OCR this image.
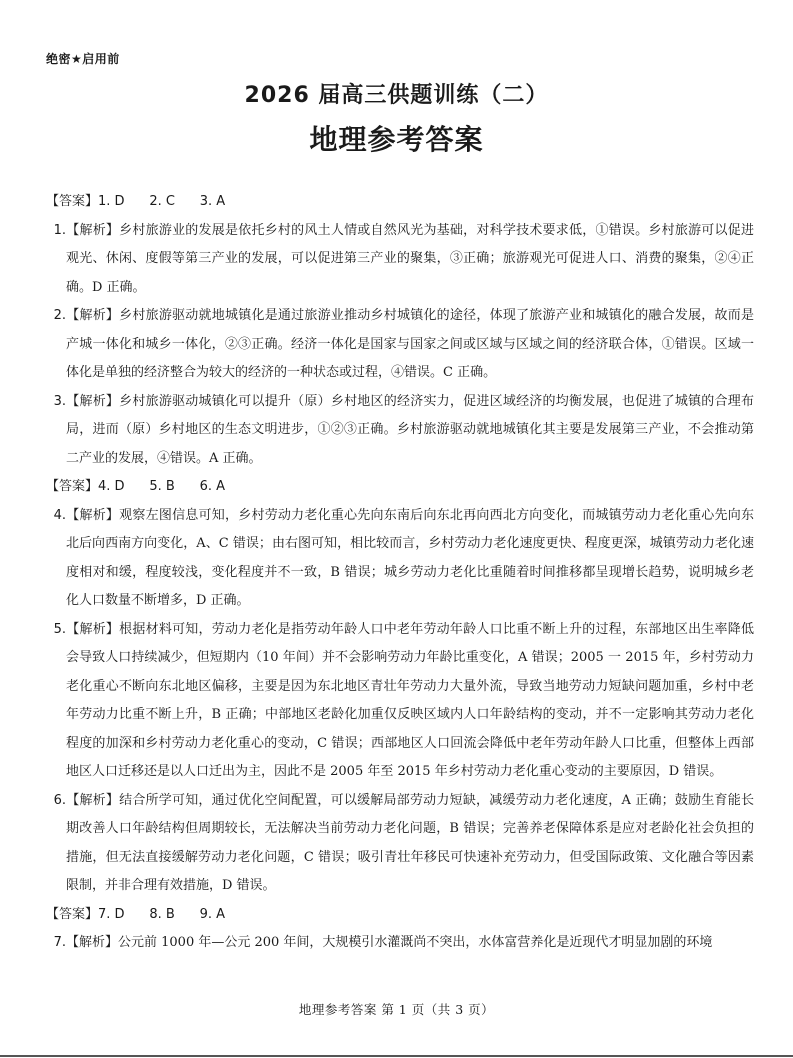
绝密★启用前
2026 届高三供题训练（二）
地理参考答案
【答案】1. D      2. C      3. A
1.【解析】乡村旅游业的发展是依托乡村的风土人情或自然风光为基础，对科学技术要求低，①错误。乡村旅游可以促进观光、休闲、度假等第三产业的发展，可以促进第三产业的聚集，③正确；旅游观光可促进人口、消费的聚集，②④正确。D 正确。
2.【解析】乡村旅游驱动就地城镇化是通过旅游业推动乡村城镇化的途径，体现了旅游产业和城镇化的融合发展，故而是产城一体化和城乡一体化，②③正确。经济一体化是国家与国家之间或区域与区域之间的经济联合体，①错误。区域一体化是单独的经济整合为较大的经济的一种状态或过程，④错误。C 正确。
3.【解析】乡村旅游驱动城镇化可以提升（原）乡村地区的经济实力，促进区域经济的均衡发展，也促进了城镇的合理布局，进而（原）乡村地区的生态文明进步，①②③正确。乡村旅游驱动就地城镇化其主要是发展第三产业，不会推动第二产业的发展，④错误。A 正确。
【答案】4. D      5. B      6. A
4.【解析】观察左图信息可知，乡村劳动力老化重心先向东南后向东北再向西北方向变化，而城镇劳动力老化重心先向东北后向西南方向变化，A、C 错误；由右图可知，相比较而言，乡村劳动力老化速度更快、程度更深，城镇劳动力老化速度相对和缓，程度较浅，变化程度并不一致，B 错误；城乡劳动力老化比重随着时间推移都呈现增长趋势，说明城乡老化人口数量不断增多，D 正确。
5.【解析】根据材料可知，劳动力老化是指劳动年龄人口中老年劳动年龄人口比重不断上升的过程，东部地区出生率降低会导致人口持续减少，但短期内（10 年间）并不会影响劳动力年龄比重变化，A 错误；2005 一 2015 年，乡村劳动力老化重心不断向东北地区偏移，主要是因为东北地区青壮年劳动力大量外流，导致当地劳动力短缺问题加重，乡村中老年劳动力比重不断上升，B 正确；中部地区老龄化加重仅反映区域内人口年龄结构的变动，并不一定影响其劳动力老化程度的加深和乡村劳动力老化重心的变动，C 错误；西部地区人口回流会降低中老年劳动年龄人口比重，但整体上西部地区人口迁移还是以人口迁出为主，因此不是 2005 年至 2015 年乡村劳动力老化重心变动的主要原因，D 错误。
6.【解析】结合所学可知，通过优化空间配置，可以缓解局部劳动力短缺，减缓劳动力老化速度，A 正确；鼓励生育能长期改善人口年龄结构但周期较长，无法解决当前劳动力老化问题，B 错误；完善养老保障体系是应对老龄化社会负担的措施，但无法直接缓解劳动力老化问题，C 错误；吸引青壮年移民可快速补充劳动力，但受国际政策、文化融合等因素限制，并非合理有效措施，D 错误。
【答案】7. D      8. B      9. A
7.【解析】公元前 1000 年—公元 200 年间，大规模引水灌溉尚不突出，水体富营养化是近现代才明显加剧的环境
地理参考答案 第 1 页（共 3 页）
